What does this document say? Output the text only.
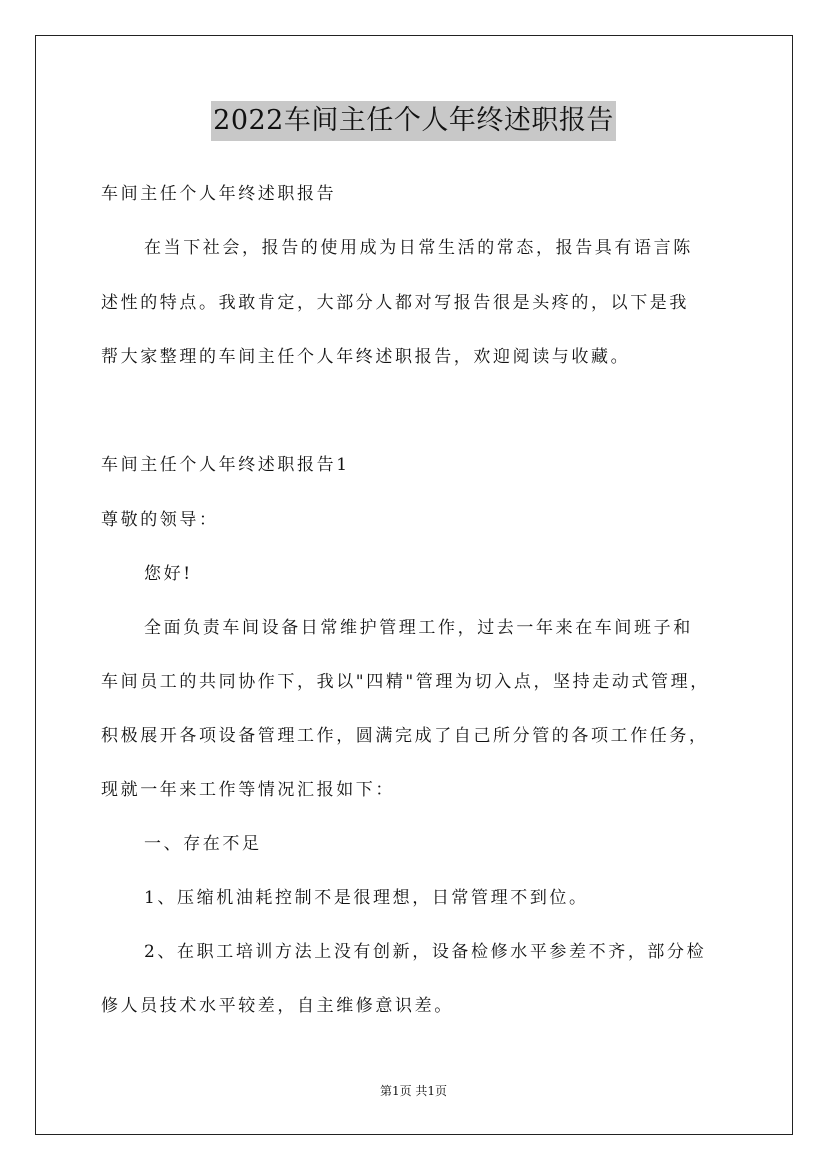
2022车间主任个人年终述职报告
车间主任个人年终述职报告
在当下社会，报告的使用成为日常生活的常态，报告具有语言陈
述性的特点。我敢肯定，大部分人都对写报告很是头疼的，以下是我
帮大家整理的车间主任个人年终述职报告，欢迎阅读与收藏。
车间主任个人年终述职报告1
尊敬的领导：
您好!
全面负责车间设备日常维护管理工作，过去一年来在车间班子和
车间员工的共同协作下，我以"四精"管理为切入点，坚持走动式管理，
积极展开各项设备管理工作，圆满完成了自己所分管的各项工作任务，
现就一年来工作等情况汇报如下：
一、存在不足
1、压缩机油耗控制不是很理想，日常管理不到位。
2、在职工培训方法上没有创新，设备检修水平参差不齐，部分检
修人员技术水平较差，自主维修意识差。
第1页 共1页
